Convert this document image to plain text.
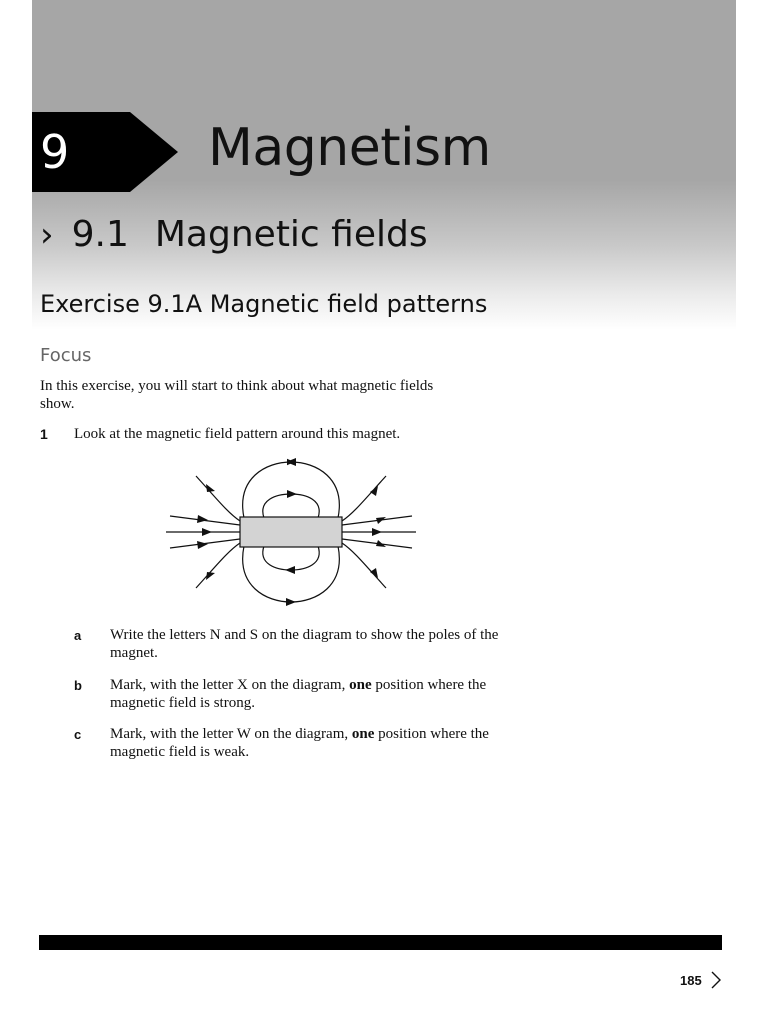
9	Magnetism
› 9.1 Magnetic fields
Exercise 9.1A Magnetic field patterns
Focus
In this exercise, you will start to think about what magnetic fields show.
1	Look at the magnetic field pattern around this magnet.
a	Write the letters N and S on the diagram to show the poles of the magnet.
b	Mark, with the letter X on the diagram, one position where the magnetic field is strong.
c	Mark, with the letter W on the diagram, one position where the magnetic field is weak.
185
